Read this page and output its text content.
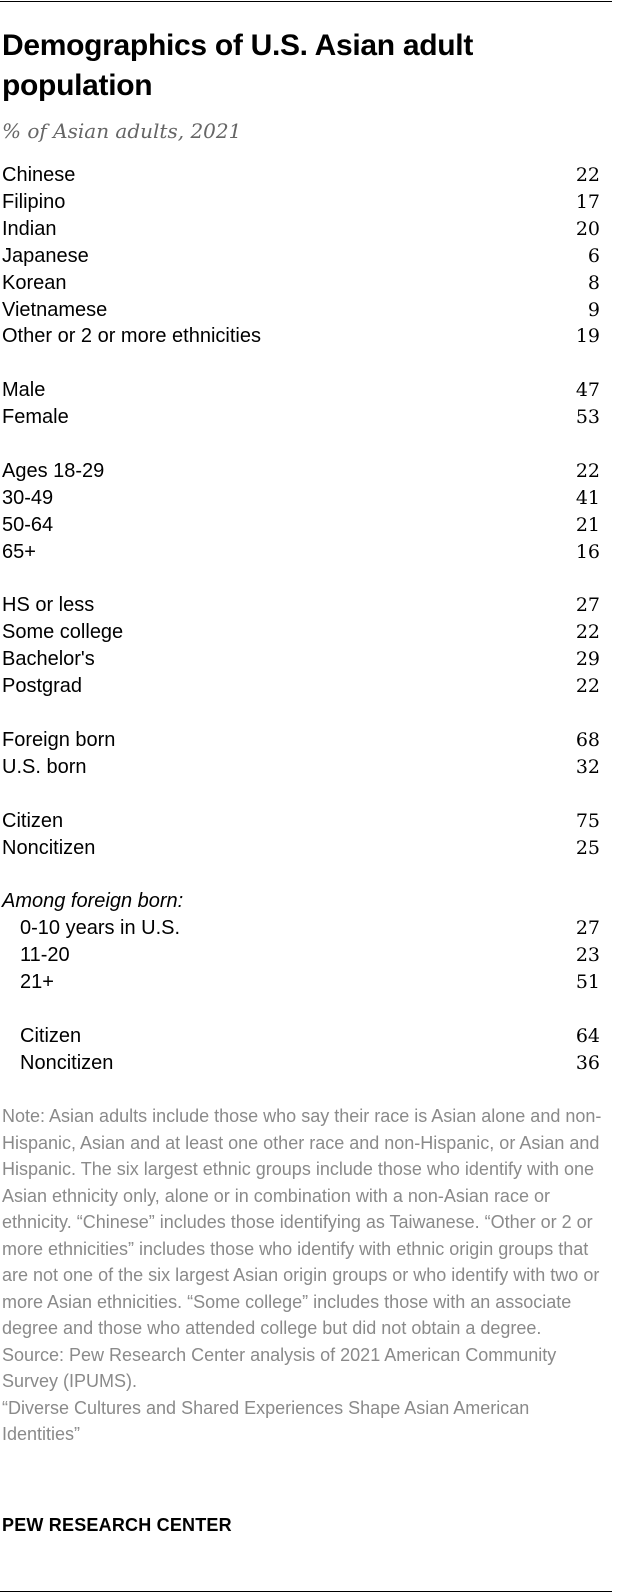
Demographics of U.S. Asian adult population
% of Asian adults, 2021
Chinese	22
Filipino	17
Indian	20
Japanese	6
Korean	8
Vietnamese	9
Other or 2 or more ethnicities	19
Male	47
Female	53
Ages 18-29	22
30-49	41
50-64	21
65+	16
HS or less	27
Some college	22
Bachelor's	29
Postgrad	22
Foreign born	68
U.S. born	32
Citizen	75
Noncitizen	25
Among foreign born:
0-10 years in U.S.	27
11-20	23
21+	51
Citizen	64
Noncitizen	36

Note: Asian adults include those who say their race is Asian alone and non-Hispanic, Asian and at least one other race and non-Hispanic, or Asian and Hispanic. The six largest ethnic groups include those who identify with one Asian ethnicity only, alone or in combination with a non-Asian race or ethnicity. “Chinese” includes those identifying as Taiwanese. “Other or 2 or more ethnicities” includes those who identify with ethnic origin groups that are not one of the six largest Asian origin groups or who identify with two or more Asian ethnicities. “Some college” includes those with an associate degree and those who attended college but did not obtain a degree.

Source: Pew Research Center analysis of 2021 American Community Survey (IPUMS).

“Diverse Cultures and Shared Experiences Shape Asian American Identities”

PEW RESEARCH CENTER
